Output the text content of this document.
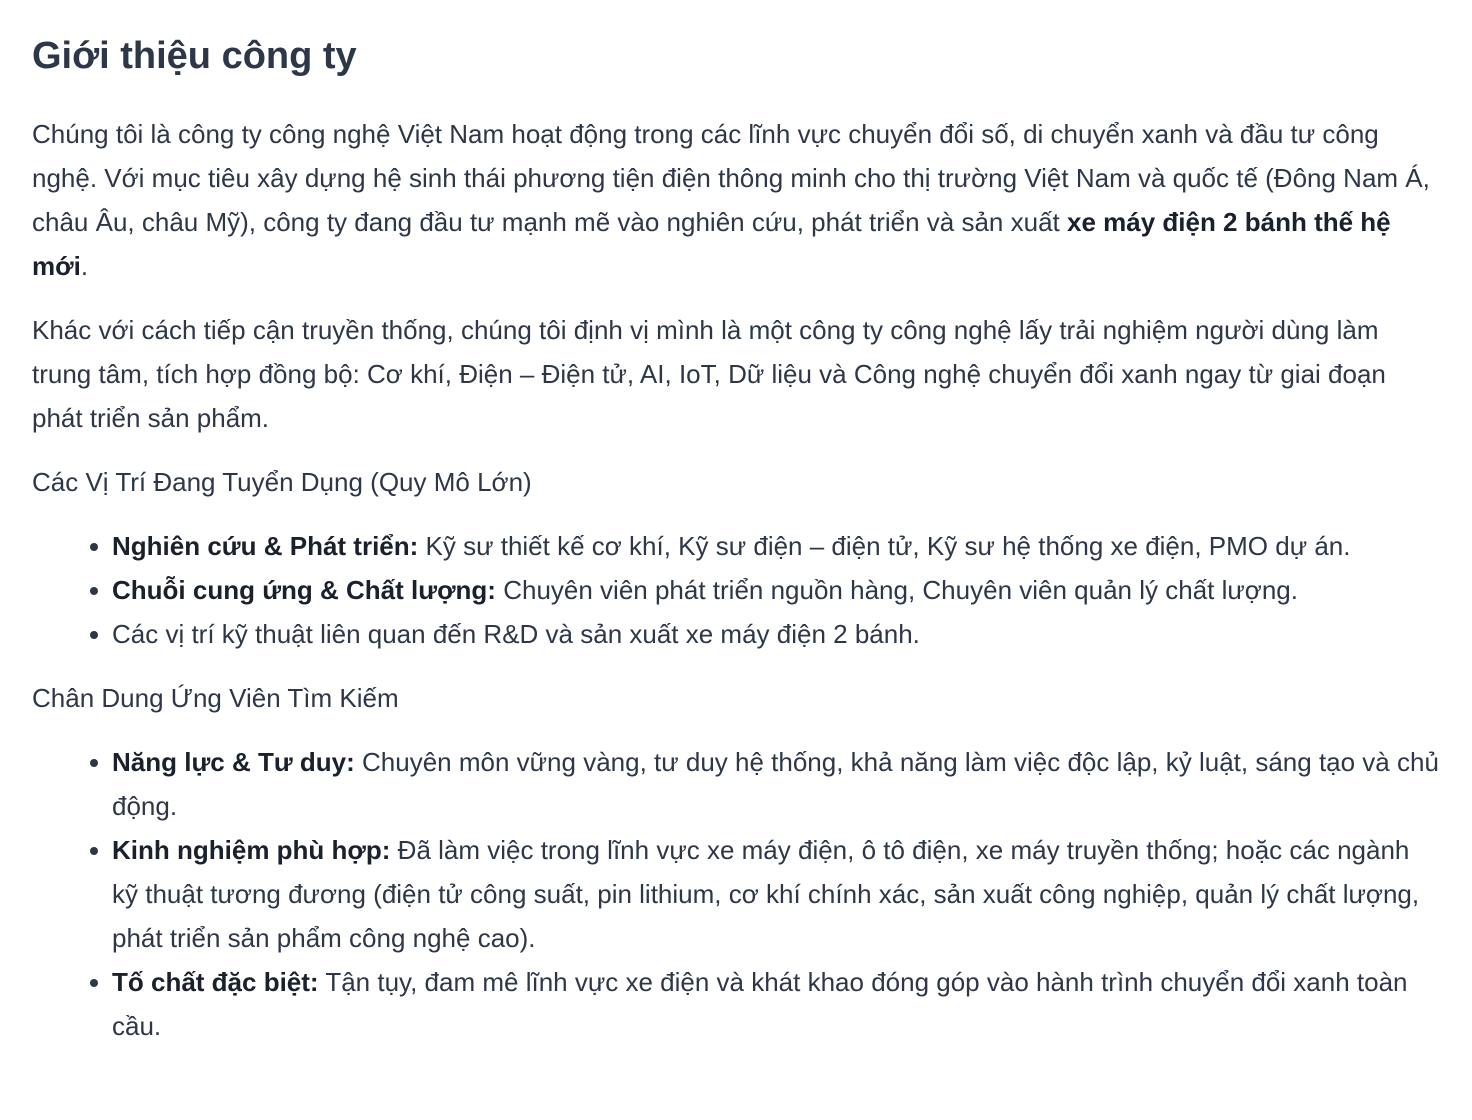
Giới thiệu công ty

Chúng tôi là công ty công nghệ Việt Nam hoạt động trong các lĩnh vực chuyển đổi số, di chuyển xanh và đầu tư công nghệ. Với mục tiêu xây dựng hệ sinh thái phương tiện điện thông minh cho thị trường Việt Nam và quốc tế (Đông Nam Á, châu Âu, châu Mỹ), công ty đang đầu tư mạnh mẽ vào nghiên cứu, phát triển và sản xuất xe máy điện 2 bánh thế hệ mới.

Khác với cách tiếp cận truyền thống, chúng tôi định vị mình là một công ty công nghệ lấy trải nghiệm người dùng làm trung tâm, tích hợp đồng bộ: Cơ khí, Điện – Điện tử, AI, IoT, Dữ liệu và Công nghệ chuyển đổi xanh ngay từ giai đoạn phát triển sản phẩm.

Các Vị Trí Đang Tuyển Dụng (Quy Mô Lớn)

Nghiên cứu & Phát triển: Kỹ sư thiết kế cơ khí, Kỹ sư điện – điện tử, Kỹ sư hệ thống xe điện, PMO dự án.
Chuỗi cung ứng & Chất lượng: Chuyên viên phát triển nguồn hàng, Chuyên viên quản lý chất lượng.
Các vị trí kỹ thuật liên quan đến R&D và sản xuất xe máy điện 2 bánh.

Chân Dung Ứng Viên Tìm Kiếm

Năng lực & Tư duy: Chuyên môn vững vàng, tư duy hệ thống, khả năng làm việc độc lập, kỷ luật, sáng tạo và chủ động.
Kinh nghiệm phù hợp: Đã làm việc trong lĩnh vực xe máy điện, ô tô điện, xe máy truyền thống; hoặc các ngành kỹ thuật tương đương (điện tử công suất, pin lithium, cơ khí chính xác, sản xuất công nghiệp, quản lý chất lượng, phát triển sản phẩm công nghệ cao).
Tố chất đặc biệt: Tận tụy, đam mê lĩnh vực xe điện và khát khao đóng góp vào hành trình chuyển đổi xanh toàn cầu.
